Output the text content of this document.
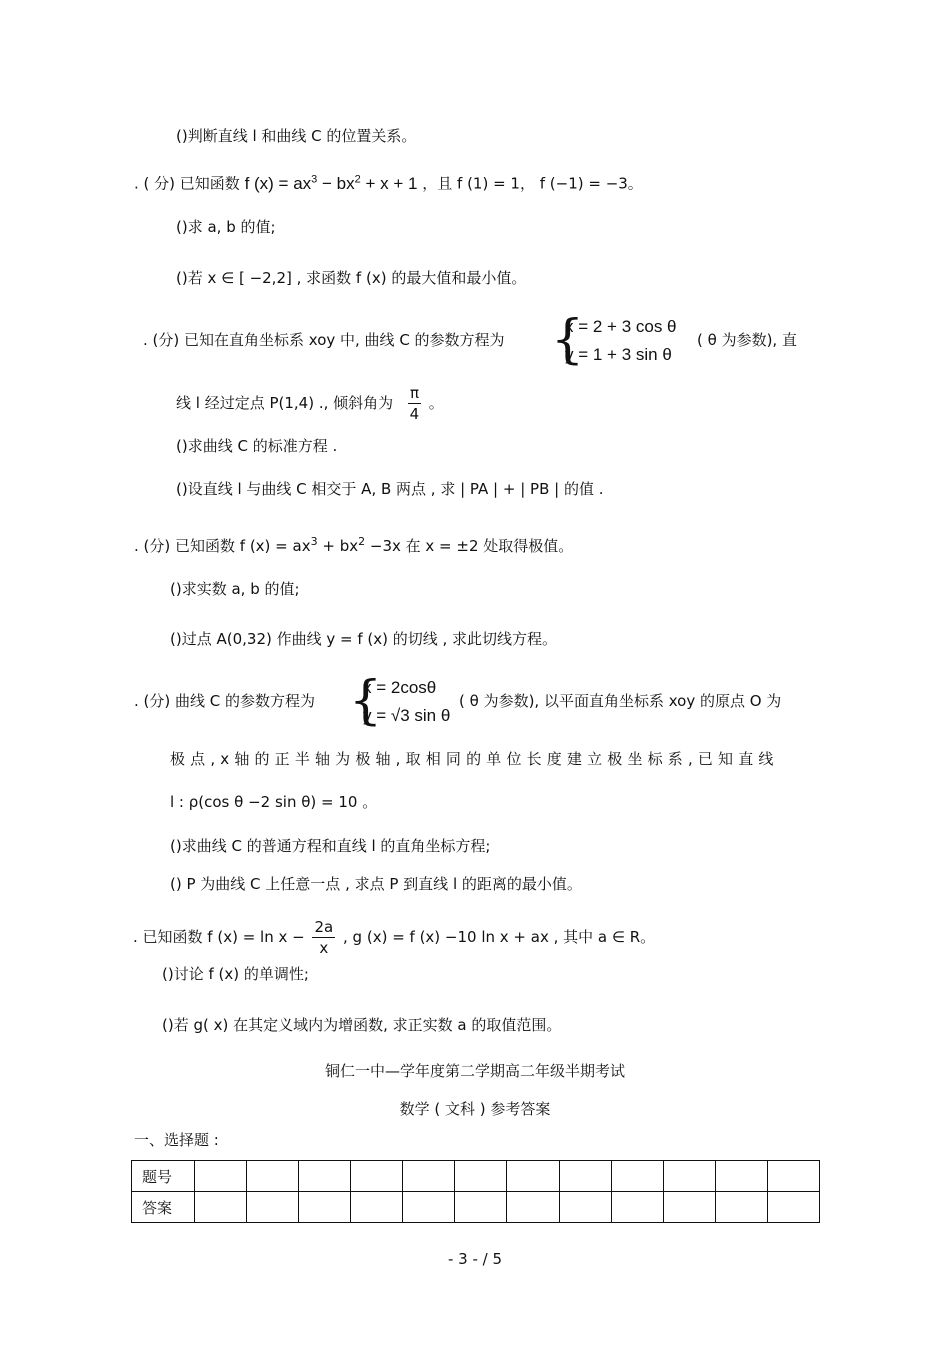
()判断直线 l 和曲线 C 的位置关系。
. ( 分) 已知函数 f $(x) = ax^3 - bx^2 + x + 1$ ，且 f (1) = 1， f (−1) = −3。
()求 a, b 的值;
()若 x ∈ [ −2,2] , 求函数 f (x) 的最大值和最小值。
. (分) 已知在直角坐标系 xoy 中, 曲线 C 的参数方程为 {
x = 2 + 3 cos θ
y = 1 + 3 sin θ
( θ 为参数), 直
线 l 经过定点 P(1,4) ., 倾斜角为 $\frac{\pi}{4}$ 。
()求曲线 C 的标准方程 .
()设直线 l 与曲线 C 相交于 A, B 两点 , 求 | PA | + | PB | 的值 .
. (分) 已知函数 f $(x) = ax^3 + bx^2 -3x$ 在 x = ±2 处取得极值。
()求实数 a, b 的值;
()过点 A(0,32) 作曲线 y = f (x) 的切线 , 求此切线方程。
. (分) 曲线 C 的参数方程为 {
x = 2cosθ
y = √3 sin θ
( θ 为参数), 以平面直角坐标系 xoy 的原点 O 为
极 点 , x 轴 的 正 半 轴 为 极 轴 , 取 相 同 的 单 位 长 度 建 立 极 坐 标 系 , 已 知 直 线
l : ρ(cos θ −2 sin θ) = 10 。
()求曲线 C 的普通方程和直线 l 的直角坐标方程;
() P 为曲线 C 上任意一点 , 求点 P 到直线 l 的距离的最小值。
. 已知函数 f $(x) = \ln x - \frac{2a}{x}$ , g (x) = f (x) −10 ln x + ax , 其中 a ∈ R。
()讨论 f (x) 的单调性;
()若 g( x) 在其定义域内为增函数, 求正实数 a 的取值范围。
铜仁一中—学年度第二学期高二年级半期考试
数学 ( 文科 ) 参考答案
一、选择题 :
题号												
答案												
- 3 - / 5
